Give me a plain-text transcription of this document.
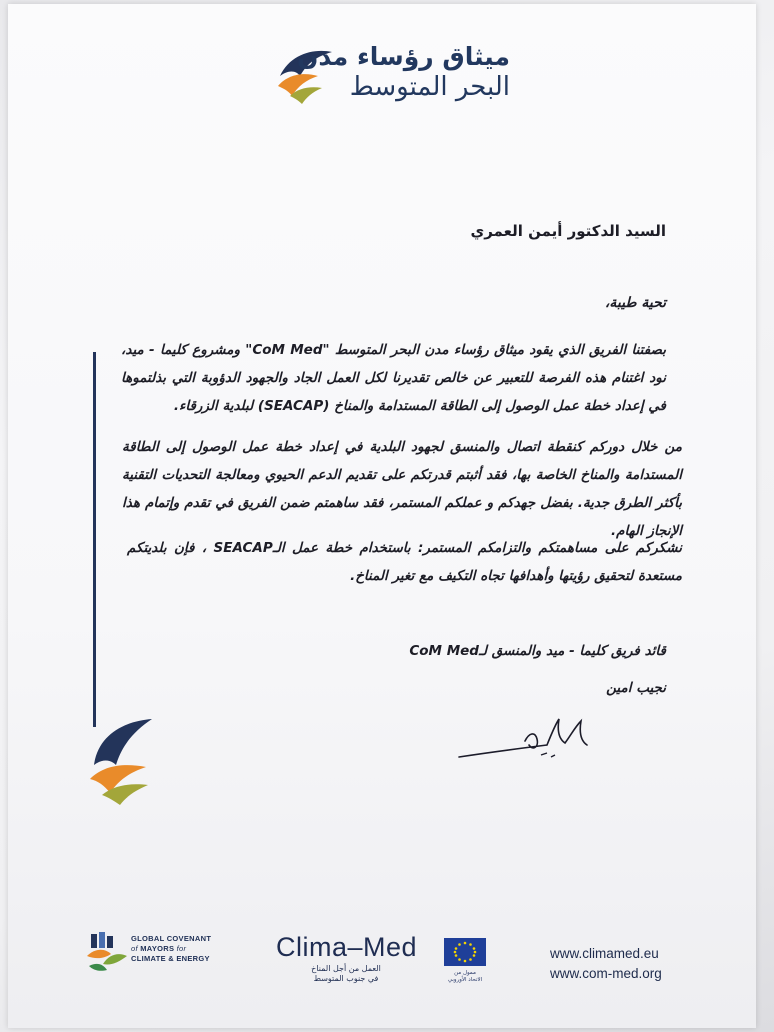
ميثاق رؤساء مدن
البحر المتوسط
السيد الدكتور أيمن العمري
تحية طيبة،
بصفتنا الفريق الذي يقود ميثاق رؤساء مدن البحر المتوسط "CoM Med" ومشروع كليما - ميد، نود اغتنام هذه الفرصة للتعبير عن خالص تقديرنا لكل العمل الجاد والجهود الدؤوبة التي بذلتموها في إعداد خطة عمل الوصول إلى الطاقة المستدامة والمناخ (SEACAP) لبلدية الزرقاء.
من خلال دوركم كنقطة اتصال والمنسق لجهود البلدية في إعداد خطة عمل الوصول إلى الطاقة المستدامة والمناخ الخاصة بها، فقد أثبتم قدرتكم على تقديم الدعم الحيوي ومعالجة التحديات التقنية بأكثر الطرق جدية. بفضل جهدكم و عملكم المستمر، فقد ساهمتم ضمن الفريق في تقدم وإتمام هذا الإنجاز الهام.
نشكركم على مساهمتكم والتزامكم المستمر: باستخدام خطة عمل الـSEACAP ، فإن بلديتكم مستعدة لتحقيق رؤيتها وأهدافها تجاه التكيف مع تغير المناخ.
قائد فريق كليما - ميد والمنسق لـCoM Med
نجيب امين
GLOBAL COVENANT
of MAYORS for
CLIMATE & ENERGY Clima–Med
العمل من أجل المناخ
في جنوب المتوسط
ممول من
الاتحاد الأوروبي
www.climamed.eu
www.com-med.org
